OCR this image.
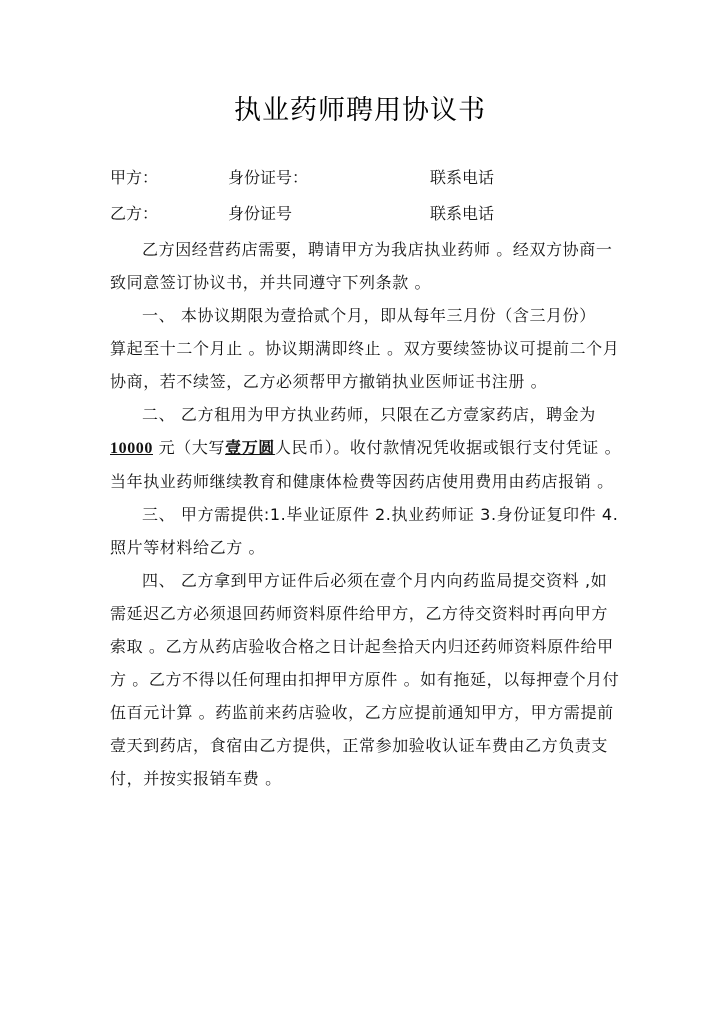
执业药师聘用协议书
甲方：	身份证号：	联系电话
乙方：	身份证号	联系电话
乙方因经营药店需要，聘请甲方为我店执业药师 。经双方协商一
致同意签订协议书，并共同遵守下列条款 。
一、 本协议期限为壹拾贰个月，即从每年三月份（含三月份）
算起至十二个月止 。协议期满即终止 。双方要续签协议可提前二个月
协商，若不续签，乙方必须帮甲方撤销执业医师证书注册 。
二、 乙方租用为甲方执业药师，只限在乙方壹家药店，聘金为
10000 元（大写壹万圆人民币）。收付款情况凭收据或银行支付凭证 。
当年执业药师继续教育和健康体检费等因药店使用费用由药店报销 。
三、 甲方需提供:1.毕业证原件 2.执业药师证 3.身份证复印件 4.
照片等材料给乙方 。
四、 乙方拿到甲方证件后必须在壹个月内向药监局提交资料 ,如
需延迟乙方必须退回药师资料原件给甲方，乙方待交资料时再向甲方
索取 。乙方从药店验收合格之日计起叁拾天内归还药师资料原件给甲
方 。乙方不得以任何理由扣押甲方原件 。如有拖延，以每押壹个月付
伍百元计算 。药监前来药店验收，乙方应提前通知甲方，甲方需提前
壹天到药店，食宿由乙方提供，正常参加验收认证车费由乙方负责支
付，并按实报销车费 。
